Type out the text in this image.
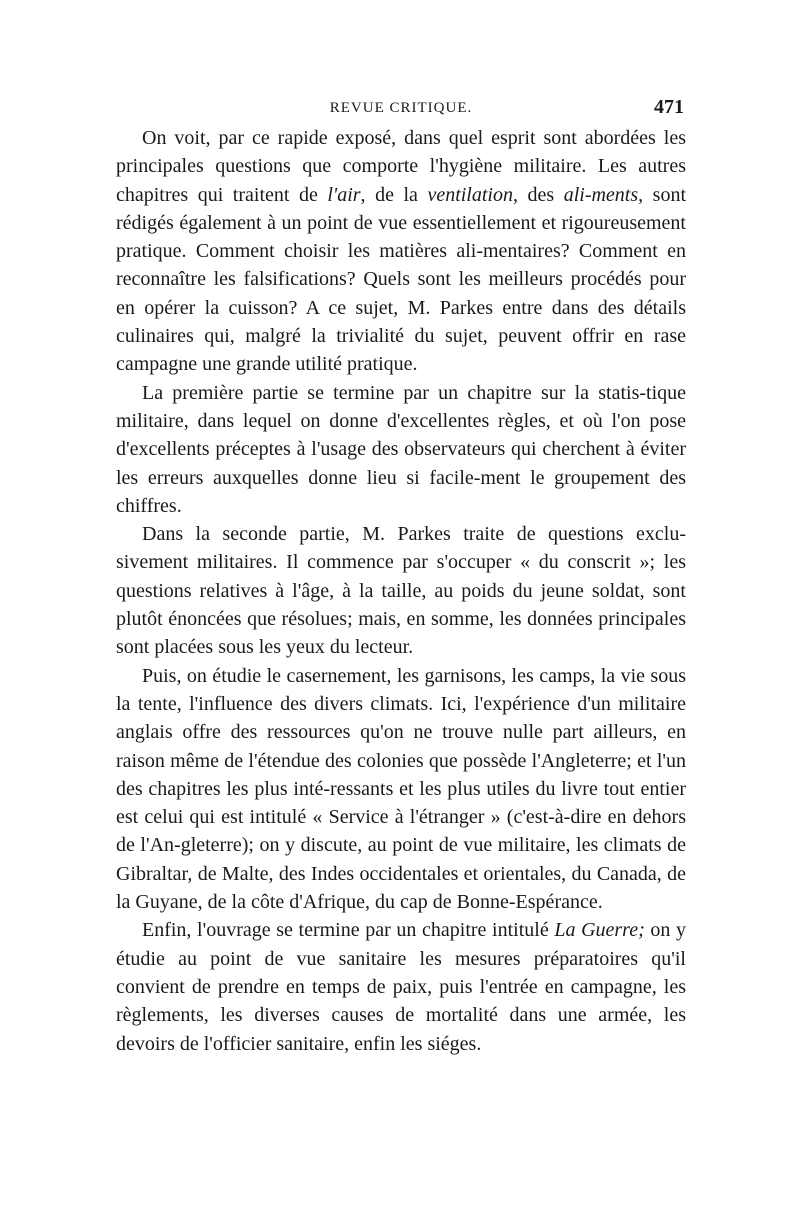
REVUE CRITIQUE.	471

On voit, par ce rapide exposé, dans quel esprit sont abordées les principales questions que comporte l'hygiène militaire. Les autres chapitres qui traitent de l'air, de la ventilation, des ali-ments, sont rédigés également à un point de vue essentiellement et rigoureusement pratique. Comment choisir les matières ali-mentaires? Comment en reconnaître les falsifications? Quels sont les meilleurs procédés pour en opérer la cuisson? A ce sujet, M. Parkes entre dans des détails culinaires qui, malgré la trivialité du sujet, peuvent offrir en rase campagne une grande utilité pratique.

La première partie se termine par un chapitre sur la statis-tique militaire, dans lequel on donne d'excellentes règles, et où l'on pose d'excellents préceptes à l'usage des observateurs qui cherchent à éviter les erreurs auxquelles donne lieu si facile-ment le groupement des chiffres.

Dans la seconde partie, M. Parkes traite de questions exclu-sivement militaires. Il commence par s'occuper « du conscrit »; les questions relatives à l'âge, à la taille, au poids du jeune soldat, sont plutôt énoncées que résolues; mais, en somme, les données principales sont placées sous les yeux du lecteur.

Puis, on étudie le casernement, les garnisons, les camps, la vie sous la tente, l'influence des divers climats. Ici, l'expérience d'un militaire anglais offre des ressources qu'on ne trouve nulle part ailleurs, en raison même de l'étendue des colonies que possède l'Angleterre; et l'un des chapitres les plus inté-ressants et les plus utiles du livre tout entier est celui qui est intitulé « Service à l'étranger » (c'est-à-dire en dehors de l'An-gleterre); on y discute, au point de vue militaire, les climats de Gibraltar, de Malte, des Indes occidentales et orientales, du Canada, de la Guyane, de la côte d'Afrique, du cap de Bonne-Espérance.

Enfin, l'ouvrage se termine par un chapitre intitulé La Guerre; on y étudie au point de vue sanitaire les mesures préparatoires qu'il convient de prendre en temps de paix, puis l'entrée en campagne, les règlements, les diverses causes de mortalité dans une armée, les devoirs de l'officier sanitaire, enfin les siéges.
